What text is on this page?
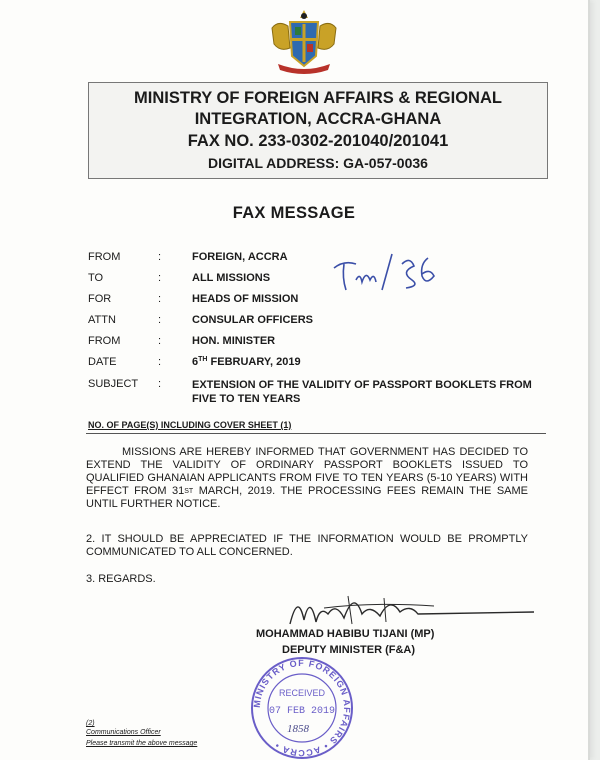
MINISTRY OF FOREIGN AFFAIRS & REGIONAL
INTEGRATION, ACCRA-GHANA
FAX NO. 233-0302-201040/201041
DIGITAL ADDRESS: GA-057-0036
FAX MESSAGE
FROM	:	FOREIGN, ACCRA
TO	:	ALL MISSIONS
FOR	:	HEADS OF MISSION
ATTN	:	CONSULAR OFFICERS
FROM	:	HON. MINISTER
DATE	:	6TH FEBRUARY, 2019
SUBJECT	:	EXTENSION OF THE VALIDITY OF PASSPORT BOOKLETS FROM FIVE TO TEN YEARS
NO. OF PAGE(S) INCLUDING COVER SHEET (1)
MISSIONS ARE HEREBY INFORMED THAT GOVERNMENT HAS DECIDED TO EXTEND THE VALIDITY OF ORDINARY PASSPORT BOOKLETS ISSUED TO QUALIFIED GHANAIAN APPLICANTS FROM FIVE TO TEN YEARS (5-10 YEARS) WITH EFFECT FROM 31ST MARCH, 2019. THE PROCESSING FEES REMAIN THE SAME UNTIL FURTHER NOTICE.
2. IT SHOULD BE APPRECIATED IF THE INFORMATION WOULD BE PROMPTLY COMMUNICATED TO ALL CONCERNED.
3. REGARDS.
MOHAMMAD HABIBU TIJANI (MP)
DEPUTY MINISTER (F&A)
MINISTRY OF FOREIGN AFFAIRS • ACCRA •
RECEIVED
07 FEB 2019
1858
(2)
Communications Officer
Please transmit the above message
